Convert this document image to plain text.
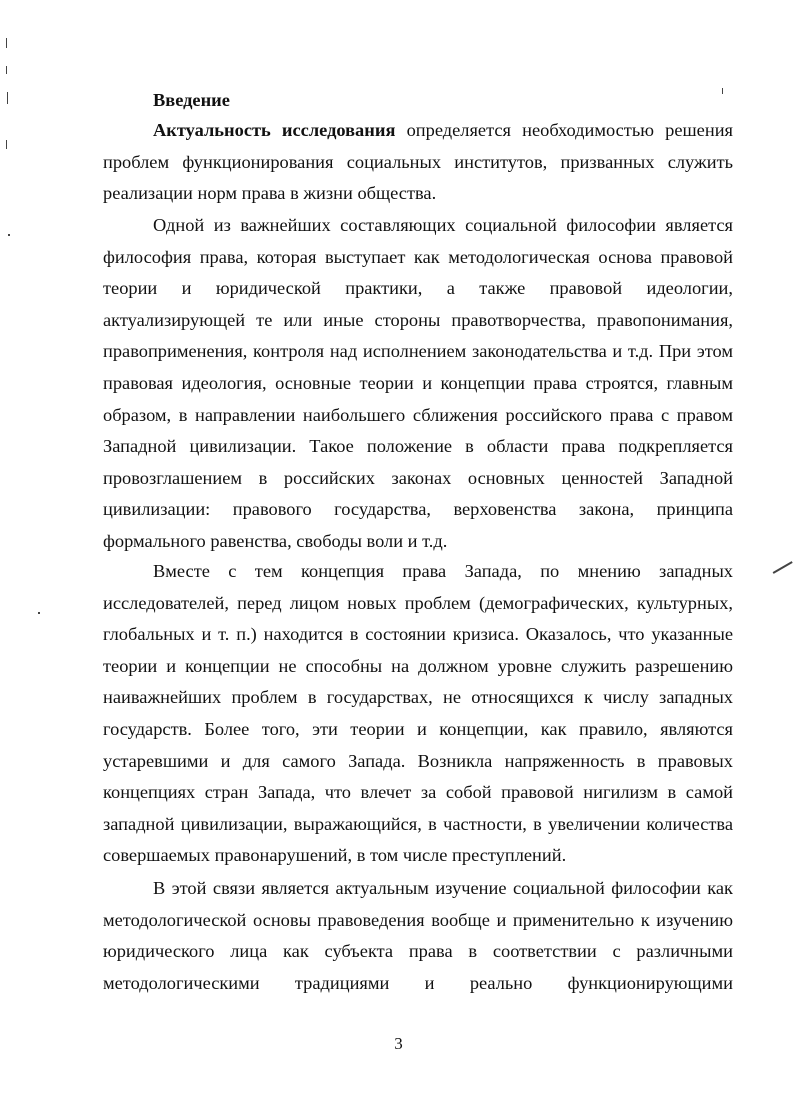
Введение

Актуальность исследования определяется необходимостью решения проблем функционирования социальных институтов, призванных служить реализации норм права в жизни общества.

Одной из важнейших составляющих социальной философии является философия права, которая выступает как методологическая основа правовой теории и юридической практики, а также правовой идеологии, актуализирующей те или иные стороны правотворчества, правопонимания, правоприменения, контроля над исполнением законодательства и т.д. При этом правовая идеология, основные теории и концепции права строятся, главным образом, в направлении наибольшего сближения российского права с правом Западной цивилизации. Такое положение в области права подкрепляется провозглашением в российских законах основных ценностей Западной цивилизации: правового государства, верховенства закона, принципа формального равенства, свободы воли и т.д.

Вместе с тем концепция права Запада, по мнению западных исследователей, перед лицом новых проблем (демографических, культурных, глобальных и т. п.) находится в состоянии кризиса. Оказалось, что указанные теории и концепции не способны на должном уровне служить разрешению наиважнейших проблем в государствах, не относящихся к числу западных государств. Более того, эти теории и концепции, как правило, являются устаревшими и для самого Запада. Возникла напряженность в правовых концепциях стран Запада, что влечет за собой правовой нигилизм в самой западной цивилизации, выражающийся, в частности, в увеличении количества совершаемых правонарушений, в том числе преступлений.

В этой связи является актуальным изучение социальной философии как методологической основы правоведения вообще и применительно к изучению юридического лица как субъекта права в соответствии с различными методологическими традициями и реально функционирующими

3
